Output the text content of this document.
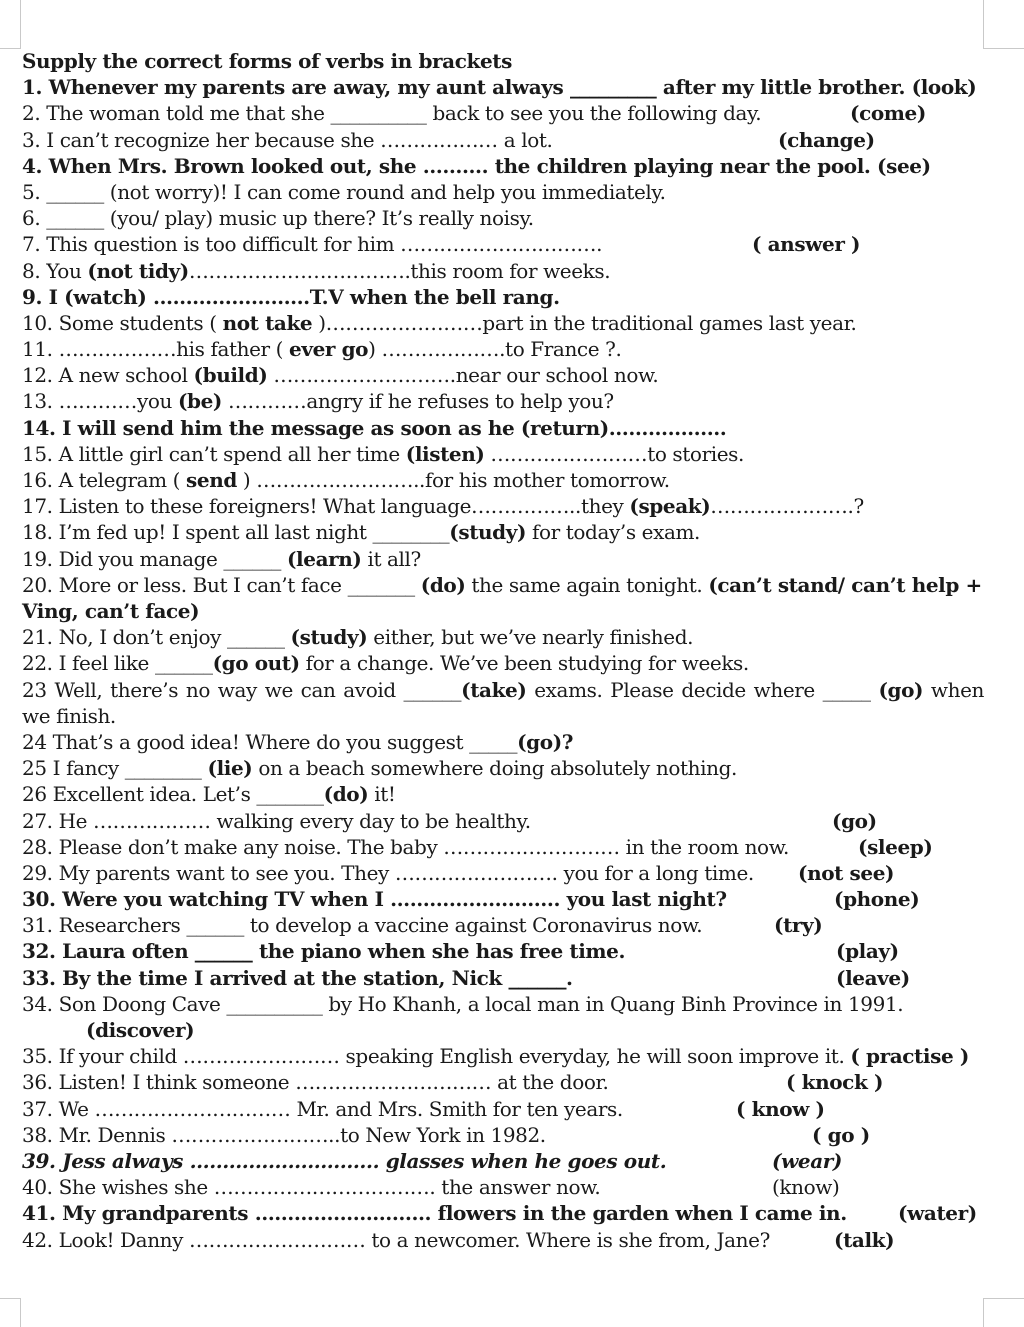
Supply the correct forms of verbs in brackets
1. Whenever my parents are away, my aunt always _________ after my little brother. (look)
2. The woman told me that she __________ back to see you the following day.	(come)
3. I can’t recognize her because she ……………… a lot.	(change)
4. When Mrs. Brown looked out, she ………. the children playing near the pool. (see)
5. ______ (not worry)! I can come round and help you immediately.
6. ______ (you/ play) music up there? It’s really noisy.
7. This question is too difficult for him ………………………….	( answer )
8. You (not tidy)…………………………….this room for weeks.
9. I (watch) ……………………T.V when the bell rang.
10. Some students ( not take )……………………part in the traditional games last year.
11. ………………his father ( ever go) ……………….to France ?.
12. A new school (build) ……………………….near our school now.
13. …………you (be) …………angry if he refuses to help you?
14. I will send him the message as soon as he (return)………………
15. A little girl can’t spend all her time (listen) ……………………to stories.
16. A telegram ( send ) ……………………..for his mother tomorrow.
17. Listen to these foreigners! What language……………..they (speak)………………….?
18. I’m fed up! I spent all last night ________(study) for today’s exam.
19. Did you manage ______ (learn) it all?
20. More or less. But I can’t face _______ (do) the same again tonight. (can’t stand/ can’t help + Ving, can’t face)
21. No, I don’t enjoy ______ (study) either, but we’ve nearly finished.
22. I feel like ______(go out) for a change. We’ve been studying for weeks.
23 Well, there’s no way we can avoid ______(take) exams. Please decide where _____ (go) when we finish.
24 That’s a good idea! Where do you suggest _____(go)?
25 I fancy ________ (lie) on a beach somewhere doing absolutely nothing.
26 Excellent idea. Let’s _______(do) it!
27. He ……………… walking every day to be healthy.	(go)
28. Please don’t make any noise. The baby ……………………… in the room now.	(sleep)
29. My parents want to see you. They ……………………. you for a long time. (not see)
30. Were you watching TV when I …………………….. you last night?	(phone)
31. Researchers ______ to develop a vaccine against Coronavirus now.	(try)
32. Laura often ______ the piano when she has free time.	(play)
33. By the time I arrived at the station, Nick ______.	(leave)
34. Son Doong Cave __________ by Ho Khanh, a local man in Quang Binh Province in 1991.
(discover)
35. If your child …………………… speaking English everyday, he will soon improve it. ( practise )
36. Listen! I think someone ………………………… at the door.	( knock )
37. We ………………………… Mr. and Mrs. Smith for ten years.	( know )
38. Mr. Dennis ……………………..to New York in 1982.	( go )
39. Jess always ……………………….. glasses when he goes out.	(wear)
40. She wishes she ……………………………. the answer now.	(know)
41. My grandparents ……………………… flowers in the garden when I came in.	(water)
42. Look! Danny ……………………… to a newcomer. Where is she from, Jane?	(talk)
